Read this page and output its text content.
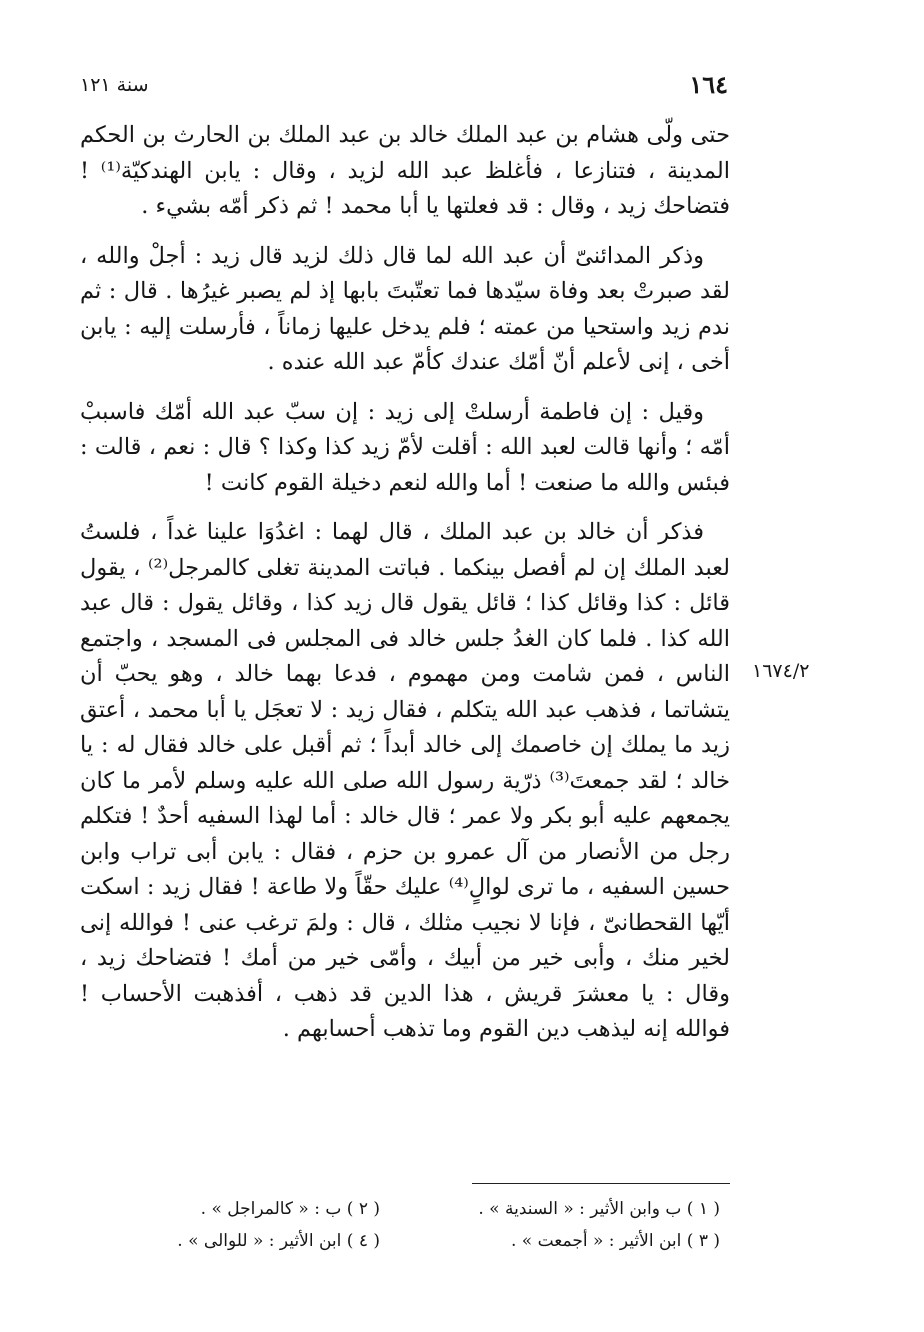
١٦٤
سنة ١٢١

حتى ولّى هشام بن عبد الملك خالد بن عبد الملك بن الحارث بن الحكم المدينة ، فتنازعا ، فأغلظ عبد الله لزيد ، وقال : يابن الهندكيّة⁽¹⁾ ! فتضاحك زيد ، وقال : قد فعلتها يا أبا محمد ! ثم ذكر أمّه بشيء .

وذكر المدائنىّ أن عبد الله لما قال ذلك لزيد قال زيد : أجلْ والله ، لقد صبرتْ بعد وفاة سيّدها فما تعتّبتَ بابها إذ لم يصبر غيرُها . قال : ثم ندم زيد واستحيا من عمته ؛ فلم يدخل عليها زماناً ، فأرسلت إليه : يابن أخى ، إنى لأعلم أنّ أمّك عندك كأمّ عبد الله عنده .

وقيل : إن فاطمة أرسلتْ إلى زيد : إن سبّ عبد الله أمّك فاسببْ أمّه ؛ وأنها قالت لعبد الله : أقلت لأمّ زيد كذا وكذا ؟ قال : نعم ، قالت : فبئس والله ما صنعت ! أما والله لنعم دخيلة القوم كانت !

فذكر أن خالد بن عبد الملك ، قال لهما : اغدُوَا علينا غداً ، فلستُ لعبد الملك إن لم أفصل بينكما . فباتت المدينة تغلى كالمرجل⁽²⁾ ، يقول قائل : كذا وقائل كذا ؛ قائل يقول قال زيد كذا ، وقائل يقول : قال عبد الله كذا . فلما كان الغدُ جلس خالد فى المجلس فى المسجد ، واجتمع الناس ، فمن شامت ومن مهموم ، فدعا بهما خالد ، وهو يحبّ أن يتشاتما ، فذهب عبد الله يتكلم ، فقال زيد : لا تعجَل يا أبا محمد ، أعتق زيد ما يملك إن خاصمك إلى خالد أبداً ؛ ثم أقبل على خالد فقال له : يا خالد ؛ لقد جمعتَ⁽³⁾ ذرّية رسول الله صلى الله عليه وسلم لأمر ما كان يجمعهم عليه أبو بكر ولا عمر ؛ قال خالد : أما لهذا السفيه أحدٌ ! فتكلم رجل من الأنصار من آل عمرو بن حزم ، فقال : يابن أبى تراب وابن حسين السفيه ، ما ترى لوالٍ⁽⁴⁾ عليك حقّاً ولا طاعة ! فقال زيد : اسكت أيّها القحطانىّ ، فإنا لا نجيب مثلك ، قال : ولمَ ترغب عنى ! فوالله إنى لخير منك ، وأبى خير من أبيك ، وأمّى خير من أمك ! فتضاحك زيد ، وقال : يا معشرَ قريش ، هذا الدين قد ذهب ، أفذهبت الأحساب ! فوالله إنه ليذهب دين القوم وما تذهب أحسابهم .

١٦٧٤/٢
( ١ ) ب وابن الأثير : « السندية » .
( ٢ ) ب : « كالمراجل » .
( ٣ ) ابن الأثير : « أجمعت » .
( ٤ ) ابن الأثير : « للوالى » .
